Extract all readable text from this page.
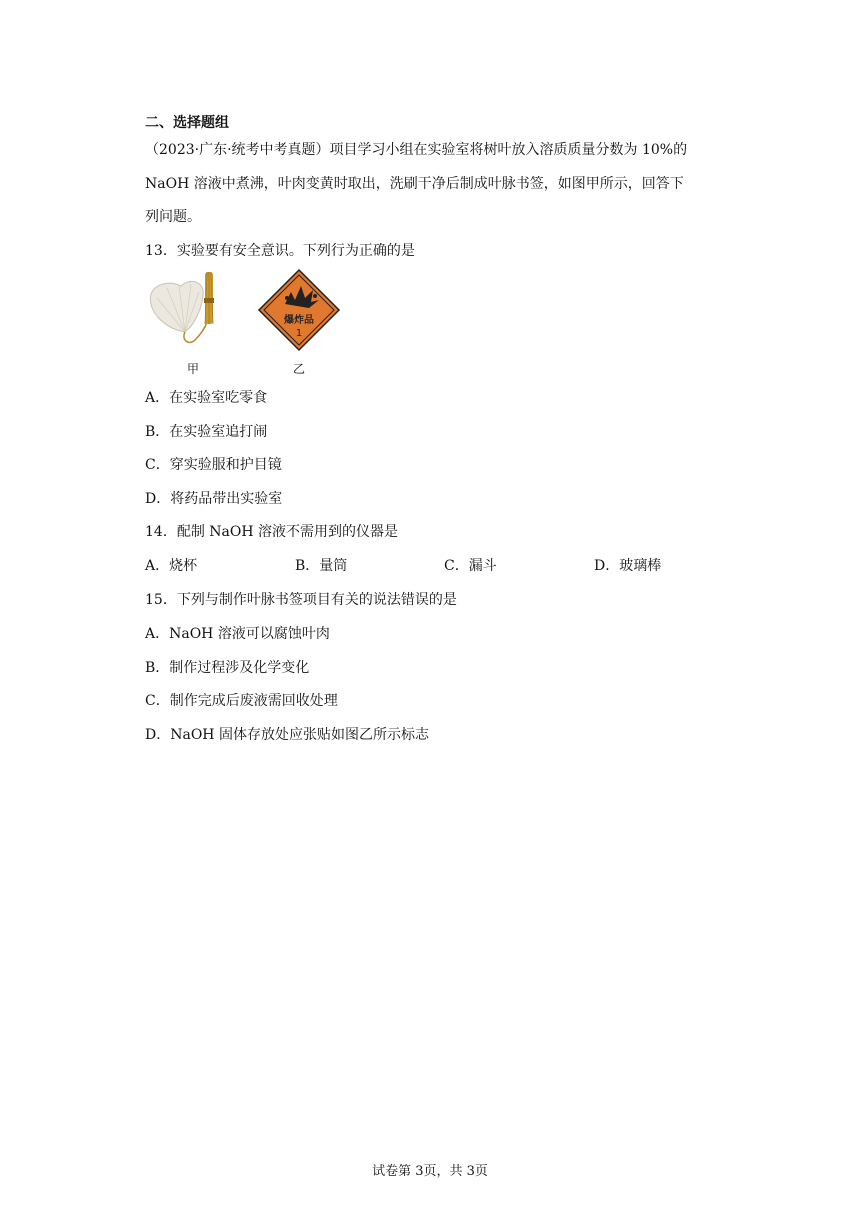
二、选择题组
（2023·广东·统考中考真题）项目学习小组在实验室将树叶放入溶质质量分数为 10%的
NaOH 溶液中煮沸，叶肉变黄时取出，洗刷干净后制成叶脉书签，如图甲所示，回答下
列问题。
13．实验要有安全意识。下列行为正确的是
甲
爆炸品
1
乙
A．在实验室吃零食
B．在实验室追打闹
C．穿实验服和护目镜
D．将药品带出实验室
14．配制 NaOH 溶液不需用到的仪器是
A．烧杯	B．量筒	C．漏斗	D．玻璃棒
15．下列与制作叶脉书签项目有关的说法错误的是
A．NaOH 溶液可以腐蚀叶肉
B．制作过程涉及化学变化
C．制作完成后废液需回收处理
D．NaOH 固体存放处应张贴如图乙所示标志
试卷第 3页，共 3页
